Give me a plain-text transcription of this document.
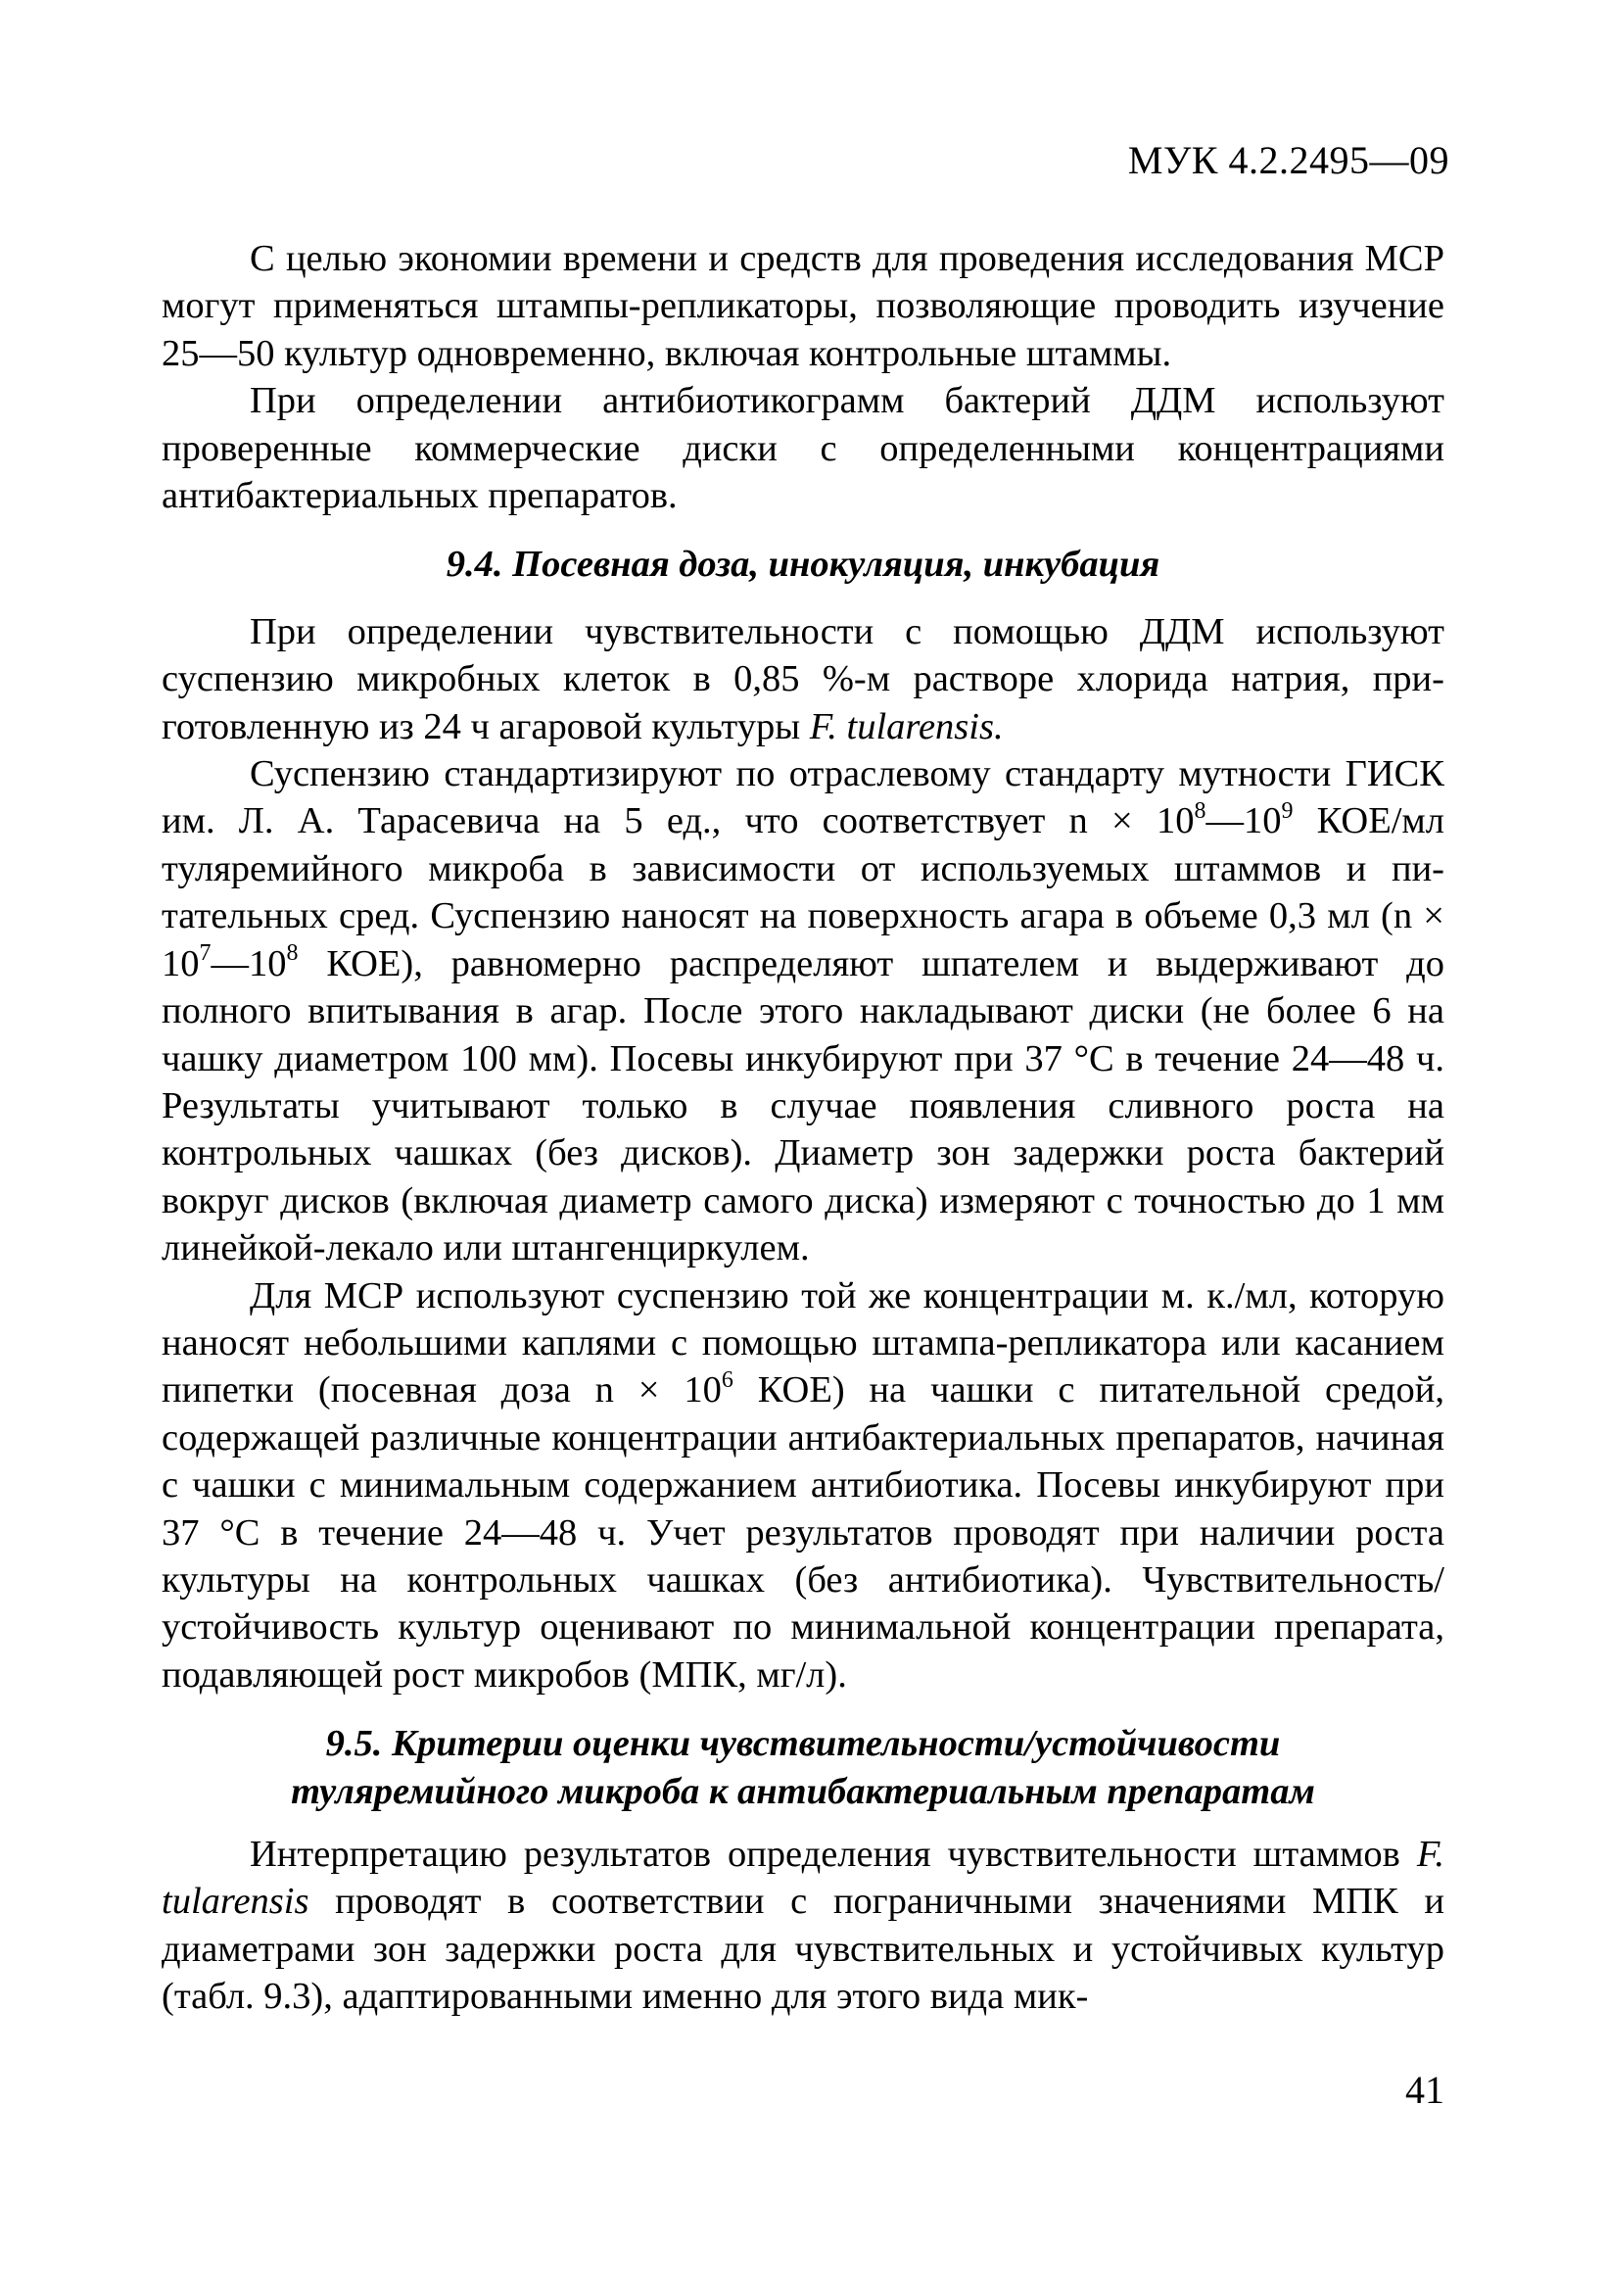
МУК 4.2.2495—09

С целью экономии времени и средств для проведения исследования МСР могут применяться штампы-репликаторы, позволяющие проводить изучение 25—50 культур одновременно, включая контрольные штаммы.

При определении антибиотикограмм бактерий ДДМ используют проверенные коммерческие диски с определенными концентрациями антибактериальных препаратов.

9.4. Посевная доза, инокуляция, инкубация

При определении чувствительности с помощью ДДМ используют суспензию микробных клеток в 0,85 %-м растворе хлорида натрия, приготовленную из 24 ч агаровой культуры F. tularensis.

Суспензию стандартизируют по отраслевому стандарту мутности ГИСК им. Л. А. Тарасевича на 5 ед., что соответствует $n \times 10^8—10^9$ КОЕ/мл туляремийного микроба в зависимости от используемых штаммов и питательных сред. Суспензию наносят на поверхность агара в объеме 0,3 мл ($n \times 10^7—10^8$ КОЕ), равномерно распределяют шпателем и выдерживают до полного впитывания в агар. После этого накладывают диски (не более 6 на чашку диаметром 100 мм). Посевы инкубируют при 37 °С в течение 24—48 ч. Результаты учитывают только в случае появления сливного роста на контрольных чашках (без дисков). Диаметр зон задержки роста бактерий вокруг дисков (включая диаметр самого диска) измеряют с точностью до 1 мм линейкой-лекало или штангенциркулем.

Для МСР используют суспензию той же концентрации м. к./мл, которую наносят небольшими каплями с помощью штампа-репликатора или касанием пипетки (посевная доза $n \times 10^6$ КОЕ) на чашки с питательной средой, содержащей различные концентрации антибактериальных препаратов, начиная с чашки с минимальным содержанием антибиотика. Посевы инкубируют при 37 °С в течение 24—48 ч. Учет результатов проводят при наличии роста культуры на контрольных чашках (без антибиотика). Чувствительность/устойчивость культур оценивают по минимальной концентрации препарата, подавляющей рост микробов (МПК, мг/л).

9.5. Критерии оценки чувствительности/устойчивости
туляремийного микроба к антибактериальным препаратам

Интерпретацию результатов определения чувствительности штаммов F. tularensis проводят в соответствии с пограничными значениями МПК и диаметрами зон задержки роста для чувствительных и устойчивых культур (табл. 9.3), адаптированными именно для этого вида мик-

41
